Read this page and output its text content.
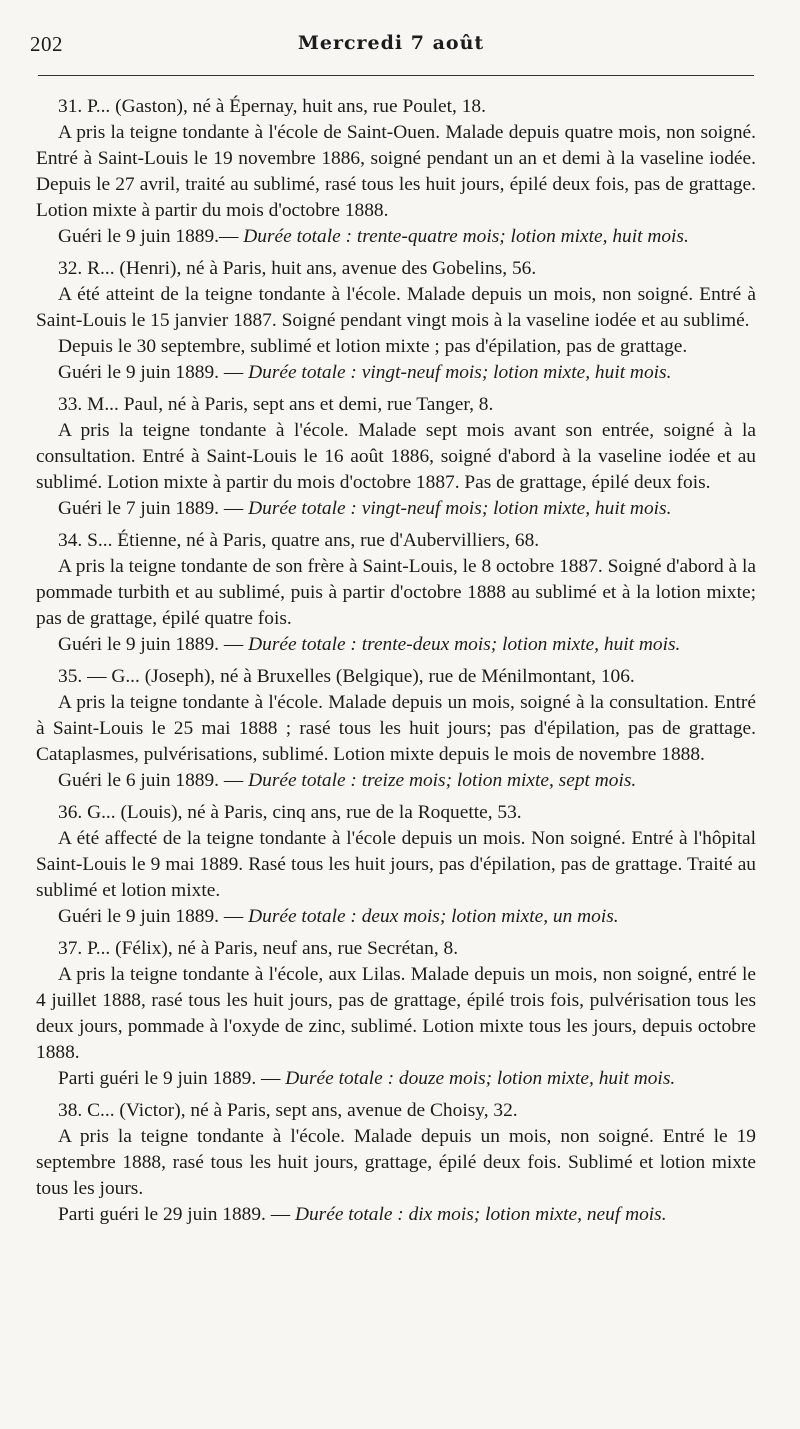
202	Mercredi 7 août

31. P... (Gaston), né à Épernay, huit ans, rue Poulet, 18.

A pris la teigne tondante à l'école de Saint-Ouen. Malade depuis quatre mois, non soigné. Entré à Saint-Louis le 19 novembre 1886, soigné pendant un an et demi à la vaseline iodée. Depuis le 27 avril, traité au sublimé, rasé tous les huit jours, épilé deux fois, pas de grattage. Lotion mixte à partir du mois d'octobre 1888.

Guéri le 9 juin 1889.— Durée totale : trente-quatre mois; lotion mixte, huit mois.

32. R... (Henri), né à Paris, huit ans, avenue des Gobelins, 56.

A été atteint de la teigne tondante à l'école. Malade depuis un mois, non soigné. Entré à Saint-Louis le 15 janvier 1887. Soigné pendant vingt mois à la vaseline iodée et au sublimé.

Depuis le 30 septembre, sublimé et lotion mixte ; pas d'épilation, pas de grattage.

Guéri le 9 juin 1889. — Durée totale : vingt-neuf mois; lotion mixte, huit mois.

33. M... Paul, né à Paris, sept ans et demi, rue Tanger, 8.

A pris la teigne tondante à l'école. Malade sept mois avant son entrée, soigné à la consultation. Entré à Saint-Louis le 16 août 1886, soigné d'abord à la vaseline iodée et au sublimé. Lotion mixte à partir du mois d'octobre 1887. Pas de grattage, épilé deux fois.

Guéri le 7 juin 1889. — Durée totale : vingt-neuf mois; lotion mixte, huit mois.

34. S... Étienne, né à Paris, quatre ans, rue d'Aubervilliers, 68.

A pris la teigne tondante de son frère à Saint-Louis, le 8 octobre 1887. Soigné d'abord à la pommade turbith et au sublimé, puis à partir d'octobre 1888 au sublimé et à la lotion mixte; pas de grattage, épilé quatre fois.

Guéri le 9 juin 1889. — Durée totale : trente-deux mois; lotion mixte, huit mois.

35. — G... (Joseph), né à Bruxelles (Belgique), rue de Ménilmontant, 106.

A pris la teigne tondante à l'école. Malade depuis un mois, soigné à la consultation. Entré à Saint-Louis le 25 mai 1888 ; rasé tous les huit jours; pas d'épilation, pas de grattage. Cataplasmes, pulvérisations, sublimé. Lotion mixte depuis le mois de novembre 1888.

Guéri le 6 juin 1889. — Durée totale : treize mois; lotion mixte, sept mois.

36. G... (Louis), né à Paris, cinq ans, rue de la Roquette, 53.

A été affecté de la teigne tondante à l'école depuis un mois. Non soigné. Entré à l'hôpital Saint-Louis le 9 mai 1889. Rasé tous les huit jours, pas d'épilation, pas de grattage. Traité au sublimé et lotion mixte.

Guéri le 9 juin 1889. — Durée totale : deux mois; lotion mixte, un mois.

37. P... (Félix), né à Paris, neuf ans, rue Secrétan, 8.

A pris la teigne tondante à l'école, aux Lilas. Malade depuis un mois, non soigné, entré le 4 juillet 1888, rasé tous les huit jours, pas de grattage, épilé trois fois, pulvérisation tous les deux jours, pommade à l'oxyde de zinc, sublimé. Lotion mixte tous les jours, depuis octobre 1888.

Parti guéri le 9 juin 1889. — Durée totale : douze mois; lotion mixte, huit mois.

38. C... (Victor), né à Paris, sept ans, avenue de Choisy, 32.

A pris la teigne tondante à l'école. Malade depuis un mois, non soigné. Entré le 19 septembre 1888, rasé tous les huit jours, grattage, épilé deux fois. Sublimé et lotion mixte tous les jours.

Parti guéri le 29 juin 1889. — Durée totale : dix mois; lotion mixte, neuf mois.
